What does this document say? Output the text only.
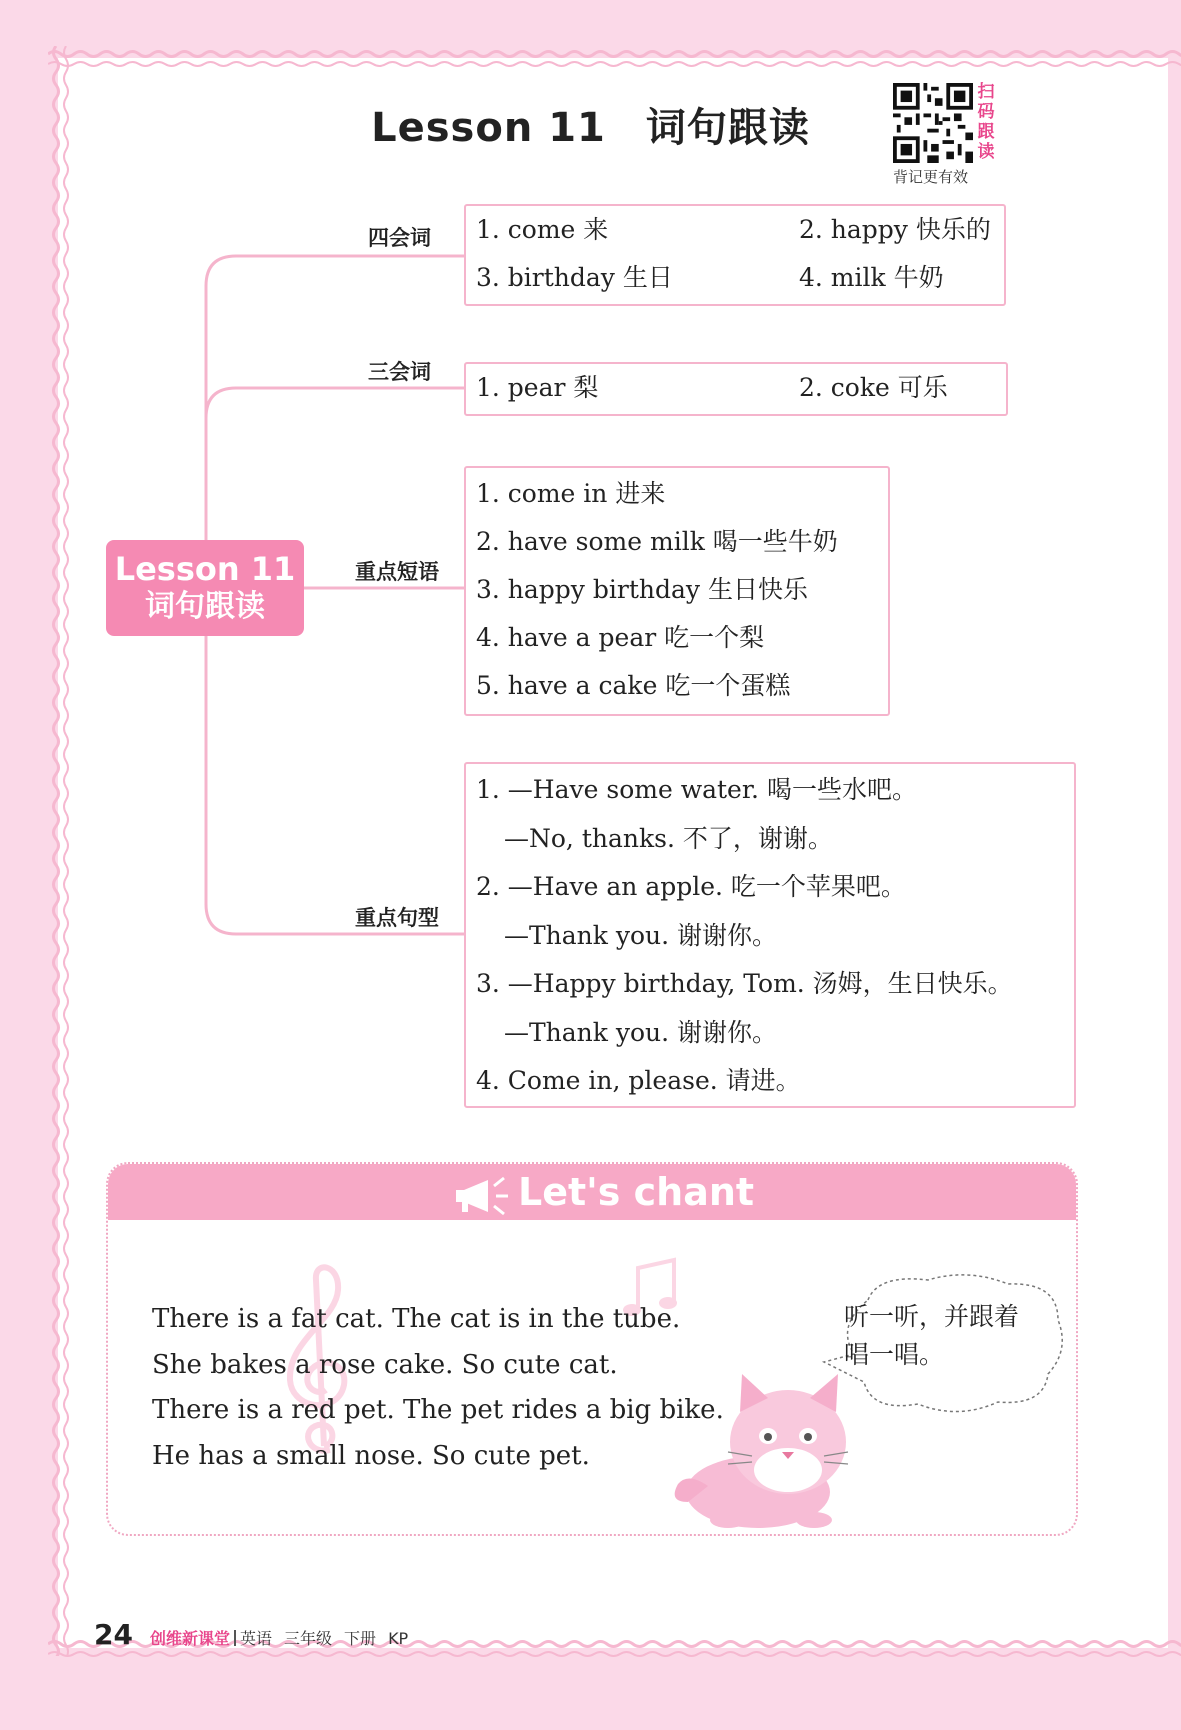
Lesson 11 词句跟读
扫码跟读
背记更有效
Lesson 11
词句跟读
四会词 1. come 来	2. happy 快乐的
3. birthday 生日	4. milk 牛奶
三会词
1. pear 梨	2. coke 可乐
重点短语
1. come in 进来
2. have some milk 喝一些牛奶
3. happy birthday 生日快乐
4. have a pear 吃一个梨
5. have a cake 吃一个蛋糕
重点句型
1. —Have some water. 喝一些水吧。
—No, thanks. 不了，谢谢。
2. —Have an apple. 吃一个苹果吧。
—Thank you. 谢谢你。
3. —Happy birthday, Tom. 汤姆，生日快乐。
—Thank you. 谢谢你。
4. Come in, please. 请进。
Let's chant
There is a fat cat. The cat is in the tube.
She bakes a rose cake. So cute cat.
There is a red pet. The pet rides a big bike.
He has a small nose. So cute pet.
听一听，并跟着
唱一唱。
24 创维新课堂 英语 三年级 下册 KP
